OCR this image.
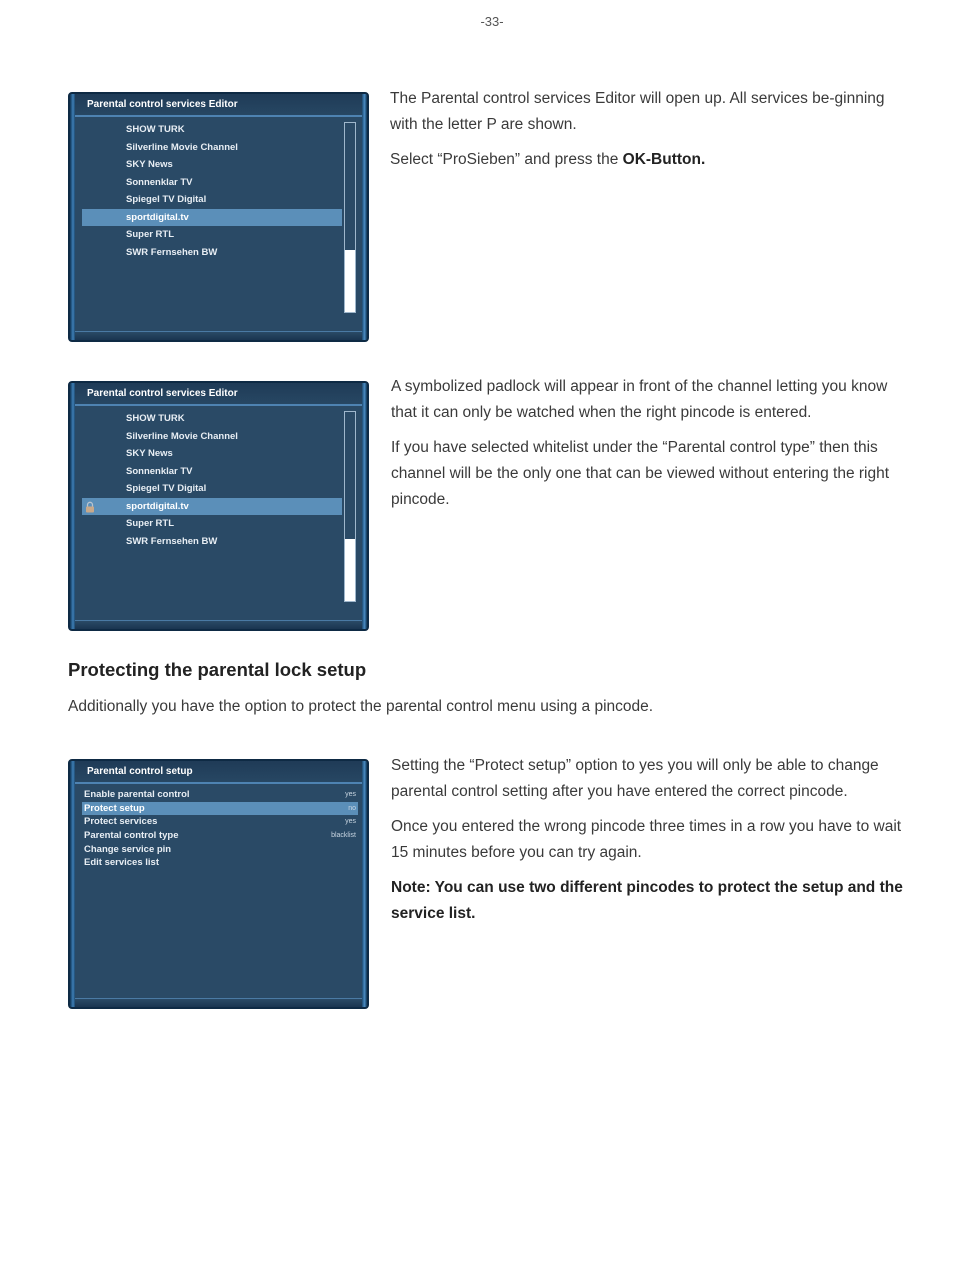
-33-
Parental control services Editor
SHOW TURK
Silverline Movie Channel
SKY News
Sonnenklar TV
Spiegel TV Digital
sportdigital.tv
Super RTL
SWR Fernsehen BW

The Parental control services Editor will open up. All services be-ginning with the letter P are shown.

Select “ProSieben” and press the OK-Button.

Parental control services Editor
SHOW TURK
Silverline Movie Channel
SKY News
Sonnenklar TV
Spiegel TV Digital
sportdigital.tv
Super RTL
SWR Fernsehen BW

A symbolized padlock will appear in front of the channel letting you know that it can only be watched when the right pincode is entered.

If you have selected whitelist under the “Parental control type” then this channel will be the only one that can be viewed without entering the right pincode.

Protecting the parental lock setup

Additionally you have the option to protect the parental control menu using a pincode.

Parental control setup
Enable parental control	yes
Protect setup	no
Protect services	yes
Parental control type	blacklist
Change service pin
Edit services list

Setting the “Protect setup” option to yes you will only be able to change parental control setting after you have entered the correct pincode.

Once you entered the wrong pincode three times in a row you have to wait 15 minutes before you can try again.

Note: You can use two different pincodes to protect the setup and the service list.
